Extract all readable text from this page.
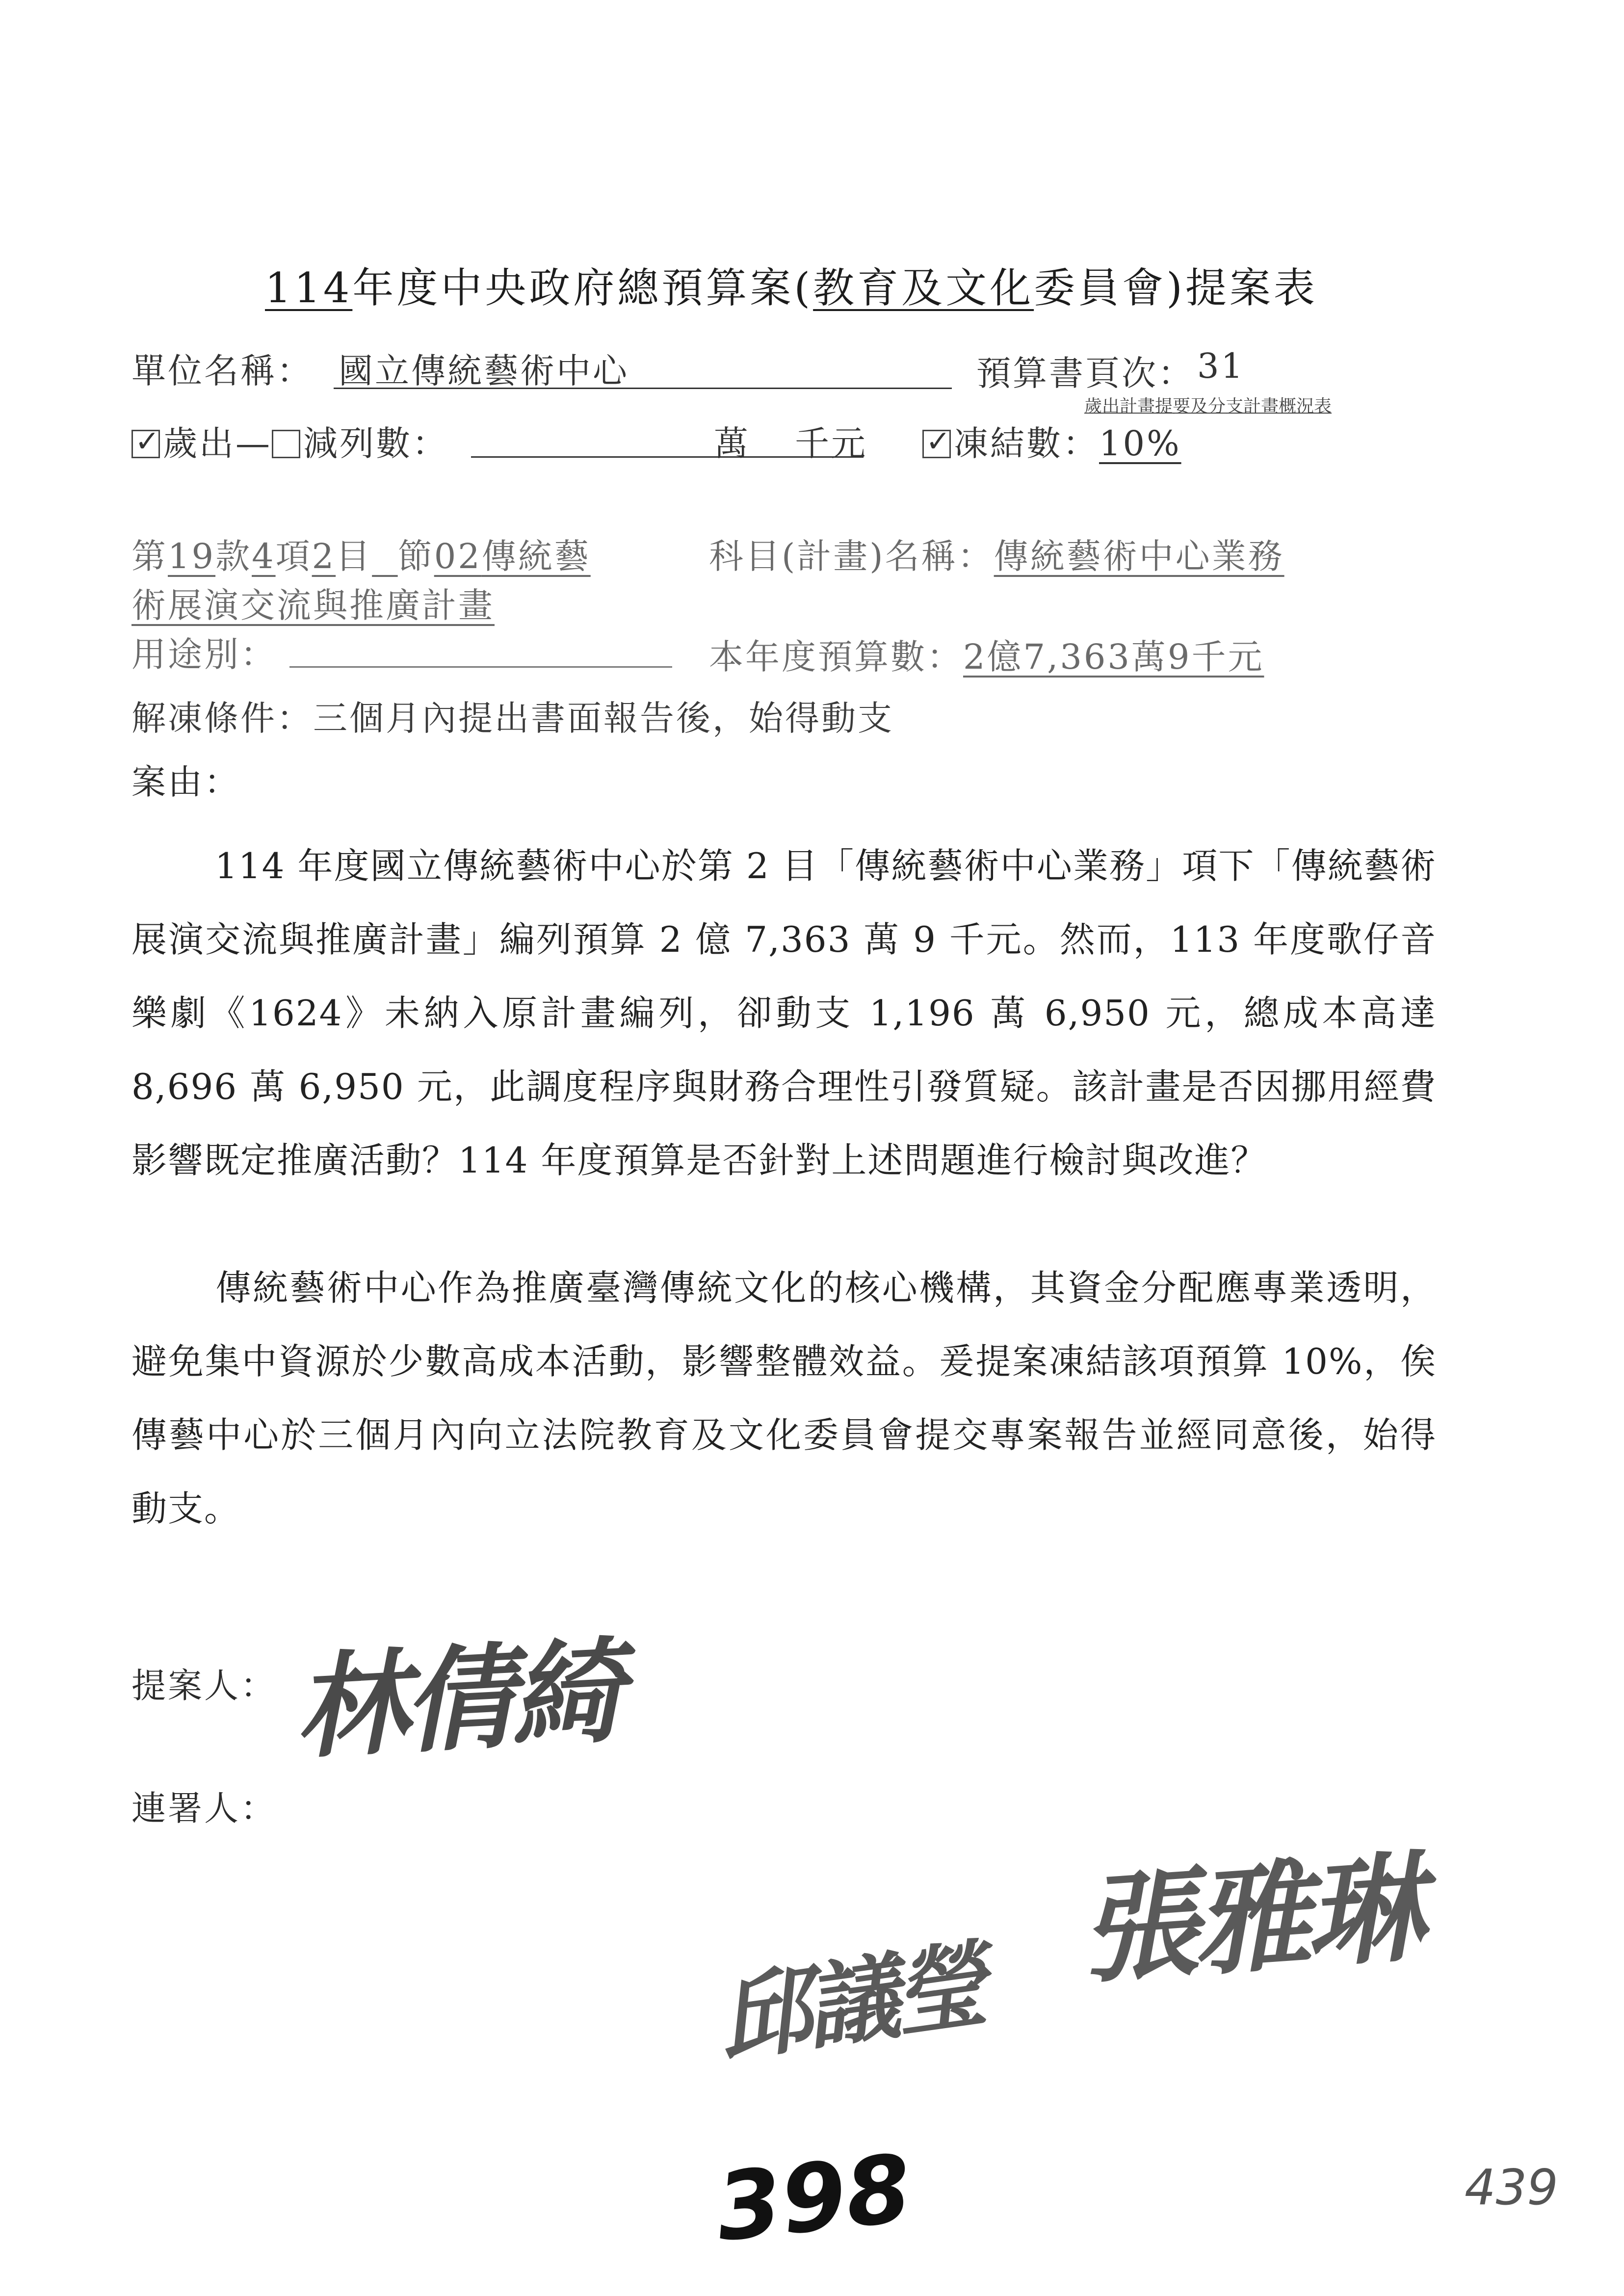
114年度中央政府總預算案(教育及文化委員會)提案表
單位名稱： 國立傳統藝術中心	預算書頁次： 31
歲出計畫提要及分支計畫概況表
✓歲出— 減列數：	萬 千元
✓	凍結數：10%
第19款4項2目 節02傳統藝	科目(計畫)名稱：傳統藝術中心業務
術展演交流與推廣計畫
用途別：	本年度預算數：2億7,363萬9千元
解凍條件：三個月內提出書面報告後，始得動支
案由：
114 年度國立傳統藝術中心於第 2 目「傳統藝術中心業務」項下「傳統藝術展演交流與推廣計畫」編列預算 2 億 7,363 萬 9 千元。然而，113 年度歌仔音樂劇《1624》未納入原計畫編列，卻動支 1,196 萬 6,950 元，總成本高達 8,696 萬 6,950 元，此調度程序與財務合理性引發質疑。該計畫是否因挪用經費影響既定推廣活動？114 年度預算是否針對上述問題進行檢討與改進？
傳統藝術中心作為推廣臺灣傳統文化的核心機構，其資金分配應專業透明，避免集中資源於少數高成本活動，影響整體效益。爰提案凍結該項預算 10%，俟傳藝中心於三個月內向立法院教育及文化委員會提交專案報告並經同意後，始得動支。
提案人： 林倩綺
連署人：
邱議瑩
張雅琳
398	439
